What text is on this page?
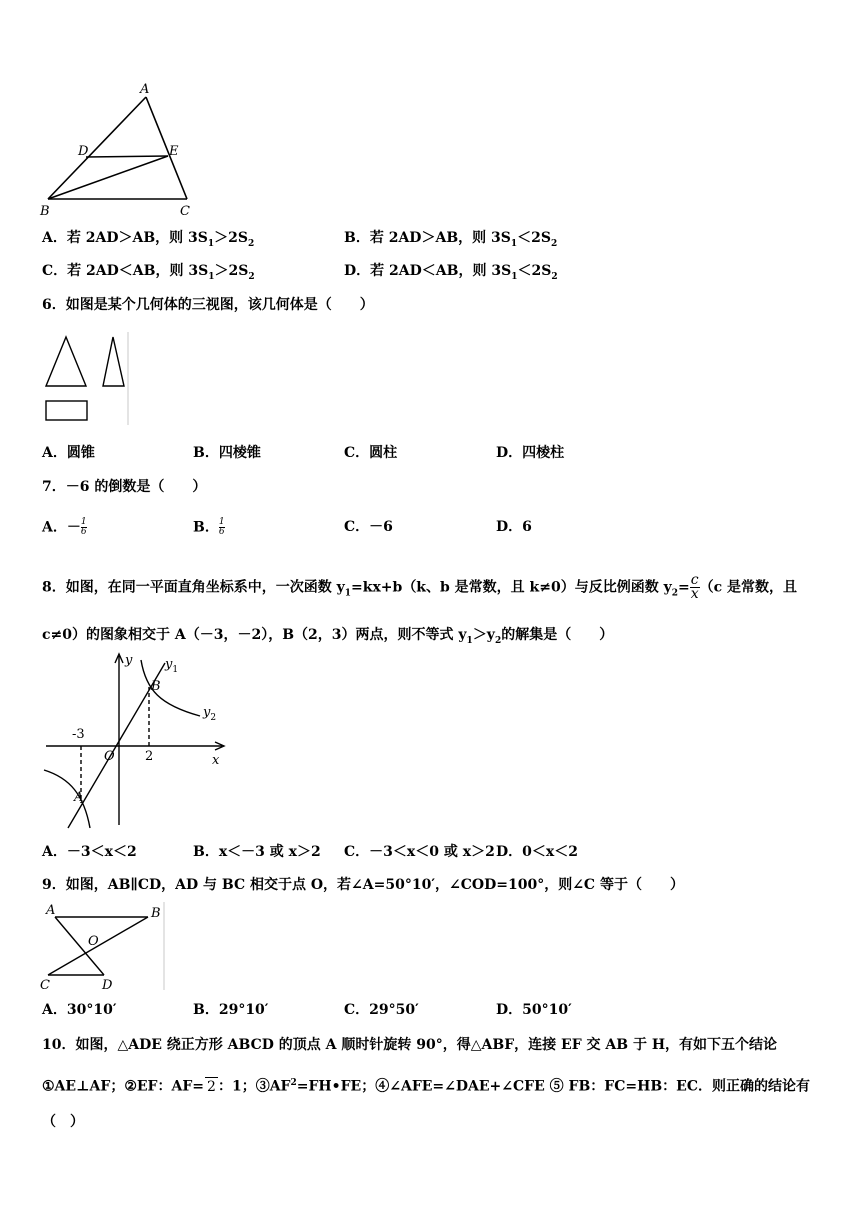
A
D	E
B	C
A．若 2AD＞AB，则 $3S_1>2S_2$	B．若 2AD＞AB，则 $3S_1<2S_2$
C．若 2AD＜AB，则 $3S_1>2S_2$	D．若 2AD＜AB，则 $3S_1<2S_2$
6．如图是某个几何体的三视图，该几何体是（　　）
A．圆锥	B．四棱锥	C．圆柱	D．四棱柱
7．－6 的倒数是（　　）
A．－ $\frac{1}{6}$	B． $\frac{1}{6}$	C．－6	D．6
8．如图，在同一平面直角坐标系中，一次函数 $y_1=kx+b(k$、b 是常数，且 k≠0）与反比例函数 $y_2= \frac{c}{x} (c$ 是常数，且
c≠0）的图象相交于 A（－3，－2），B（2，3）两点，则不等式 $y_1>y_2$的解集是（　　）
y
x
O
A
B
-3
2
$y_1$
$y_2$
A．－3＜x＜2	B．x＜－3 或 x＞2 C．－3＜x＜0 或 x＞2 D．0＜x＜2
9．如图，AB∥CD，AD 与 BC 相交于点 O，若∠A=50°10′，∠COD=100°，则∠C 等于（　　）
A	B
O
C	D
A．30°10′	B．29°10′	C．29°50′	D．50°10′
10．如图，△ADE 绕正方形 ABCD 的顶点 A 顺时针旋转 90°，得△ABF，连接 EF 交 AB 于 H，有如下五个结论
①AE⊥AF；②EF：AF= 2 ：1；$③AF^2=FH•FE$；④∠AFE=∠DAE+∠CFE ⑤ FB：FC=HB：EC．则正确的结论有
（　）
